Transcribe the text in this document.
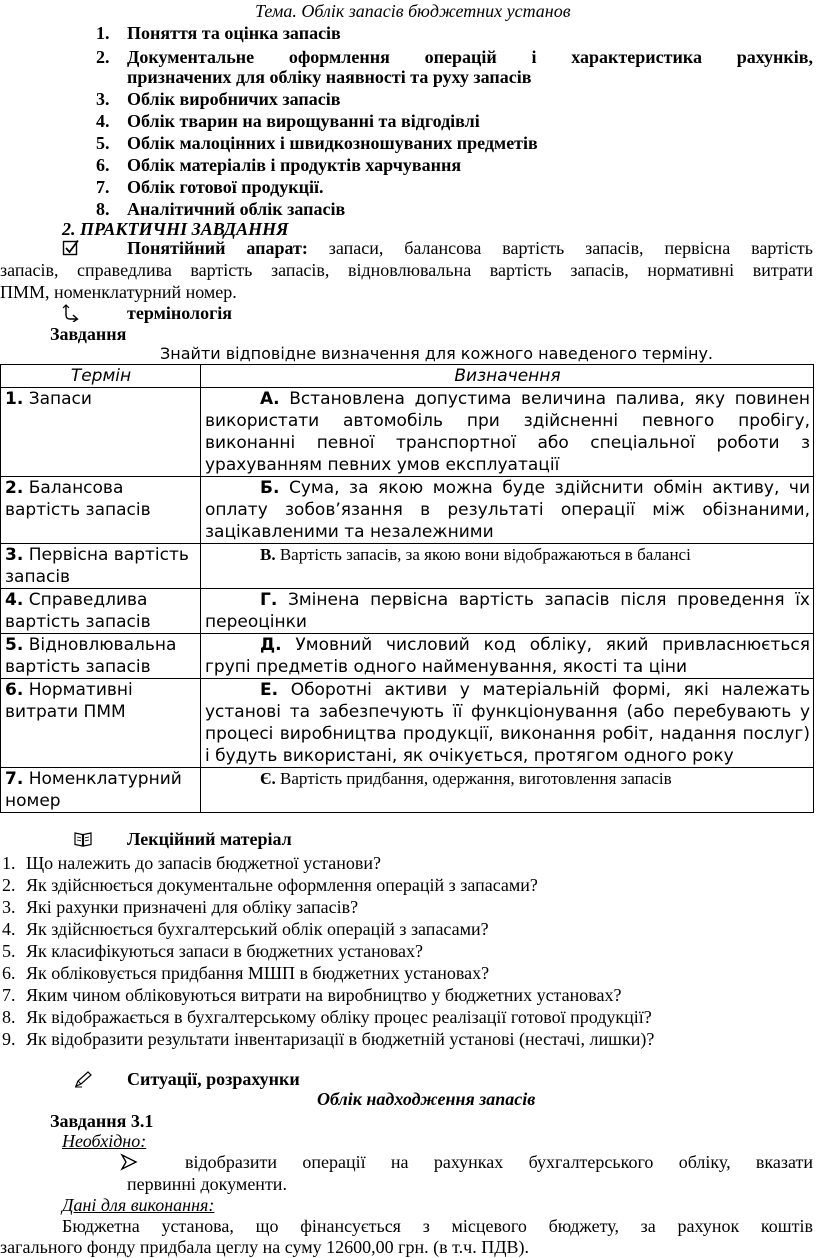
Тема. Облік запасів бюджетних установ
1. Поняття та оцінка запасів
2. Документальне оформлення операцій і характеристика рахунків,
призначених для обліку наявності та руху запасів
3. Облік виробничих запасів
4. Облік тварин на вирощуванні та відгодівлі
5. Облік малоцінних і швидкозношуваних предметів
6. Облік матеріалів і продуктів харчування
7. Облік готової продукції.
8. Аналітичний облік запасів
2. ПРАКТИЧНІ ЗАВДАННЯ
Понятійний апарат: запаси, балансова вартість запасів, первісна вартість
запасів, справедлива вартість запасів, відновлювальна вартість запасів, нормативні витрати
ПММ, номенклатурний номер.
термінологія
Завдання
Знайти відповідне визначення для кожного наведеного терміну.
Термін	Визначення
1. Запаси	А. Встановлена допустима величина палива, яку повинен використати автомобіль при здійсненні певного пробігу, виконанні певної транспортної або спеціальної роботи з урахуванням певних умов експлуатації
2. Балансова вартість запасів	Б. Сума, за якою можна буде здійснити обмін активу, чи оплату зобов’язання в результаті операції між обізнаними, зацікавленими та незалежними
3. Первісна вартість запасів	В. Вартість запасів, за якою вони відображаються в балансі
4. Справедлива вартість запасів	Г. Змінена первісна вартість запасів після проведення їх переоцінки
5. Відновлювальна вартість запасів	Д. Умовний числовий код обліку, який привласнюється групі предметів одного найменування, якості та ціни
6. Нормативні витрати ПММ	Е. Оборотні активи у матеріальній формі, які належать установі та забезпечують її функціонування (або перебувають у процесі виробництва продукції, виконання робіт, надання послуг) і будуть використані, як очікується, протягом одного року
7. Номенклатурний номер	Є. Вартість придбання, одержання, виготовлення запасів
Лекційний матеріал
1. Що належить до запасів бюджетної установи?
2. Як здійснюється документальне оформлення операцій з запасами?
3. Які рахунки призначені для обліку запасів?
4. Як здійснюється бухгалтерський облік операцій з запасами?
5. Як класифікуються запаси в бюджетних установах?
6. Як обліковується придбання МШП в бюджетних установах?
7. Яким чином обліковуються витрати на виробництво у бюджетних установах?
8. Як відображається в бухгалтерському обліку процес реалізації готової продукції?
9. Як відобразити результати інвентаризації в бюджетній установі (нестачі, лишки)?
Ситуації, розрахунки
Облік надходження запасів
Завдання 3.1
Необхідно:
відобразити операції на рахунках бухгалтерського обліку, вказати
первинні документи.
Дані для виконання:
Бюджетна установа, що фінансується з місцевого бюджету, за рахунок коштів
загального фонду придбала цеглу на суму 12600,00 грн. (в т.ч. ПДВ).
